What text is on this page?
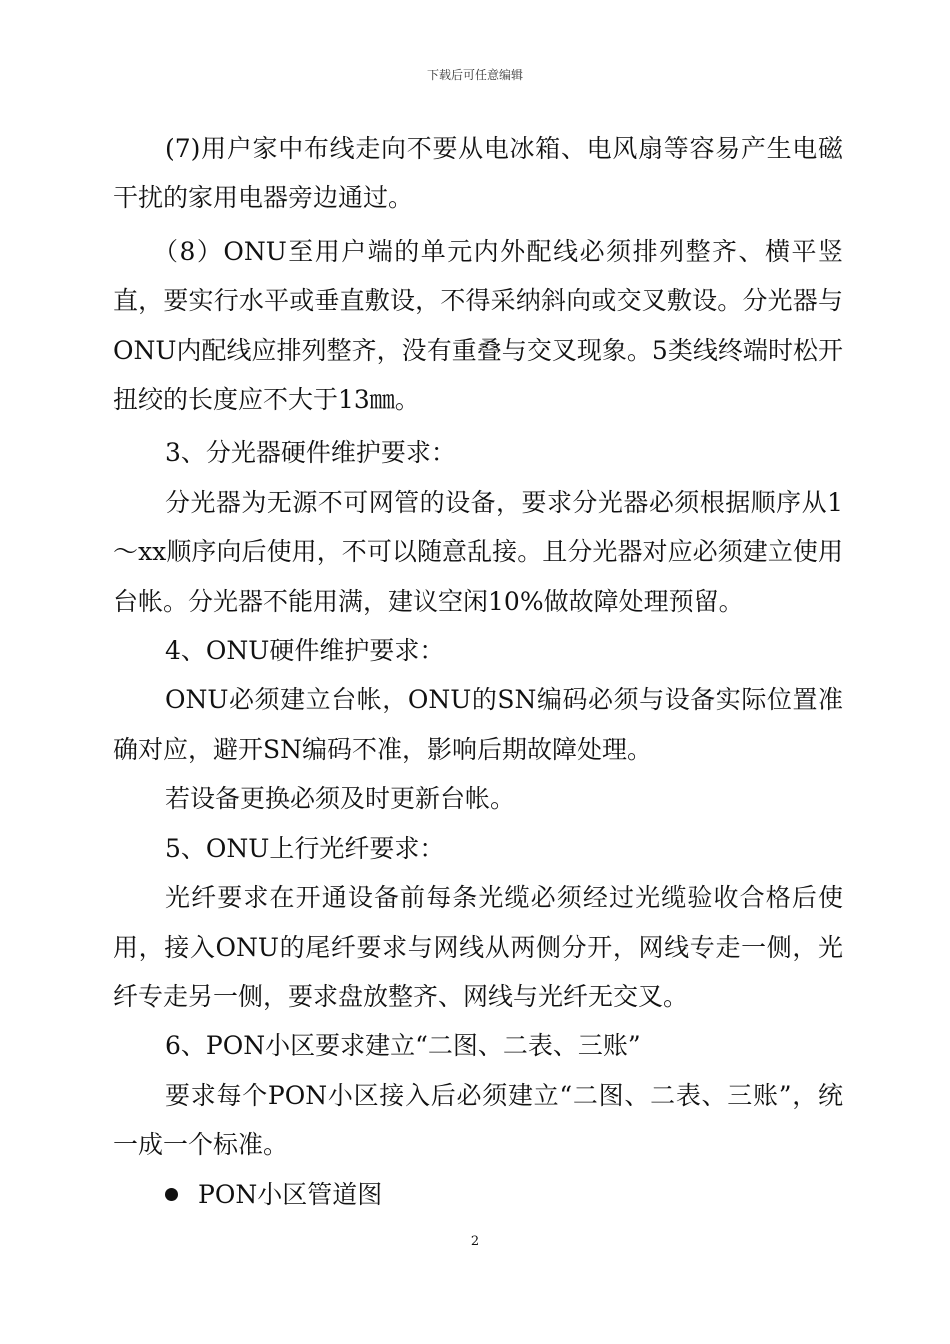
下载后可任意编辑

(7)用户家中布线走向不要从电冰箱、电风扇等容易产生电磁干扰的家用电器旁边通过。

（8）ONU至用户端的单元内外配线必须排列整齐、横平竖直，要实行水平或垂直敷设，不得采纳斜向或交叉敷设。分光器与ONU内配线应排列整齐，没有重叠与交叉现象。5类线终端时松开扭绞的长度应不大于13㎜。

3、分光器硬件维护要求：

分光器为无源不可网管的设备，要求分光器必须根据顺序从1～xx顺序向后使用，不可以随意乱接。且分光器对应必须建立使用台帐。分光器不能用满，建议空闲10%做故障处理预留。

4、ONU硬件维护要求：

ONU必须建立台帐，ONU的SN编码必须与设备实际位置准确对应，避开SN编码不准，影响后期故障处理。

若设备更换必须及时更新台帐。

5、ONU上行光纤要求：

光纤要求在开通设备前每条光缆必须经过光缆验收合格后使用，接入ONU的尾纤要求与网线从两侧分开，网线专走一侧，光纤专走另一侧，要求盘放整齐、网线与光纤无交叉。

6、PON小区要求建立“二图、二表、三账”

要求每个PON小区接入后必须建立“二图、二表、三账”，统一成一个标准。

PON小区管道图
2
